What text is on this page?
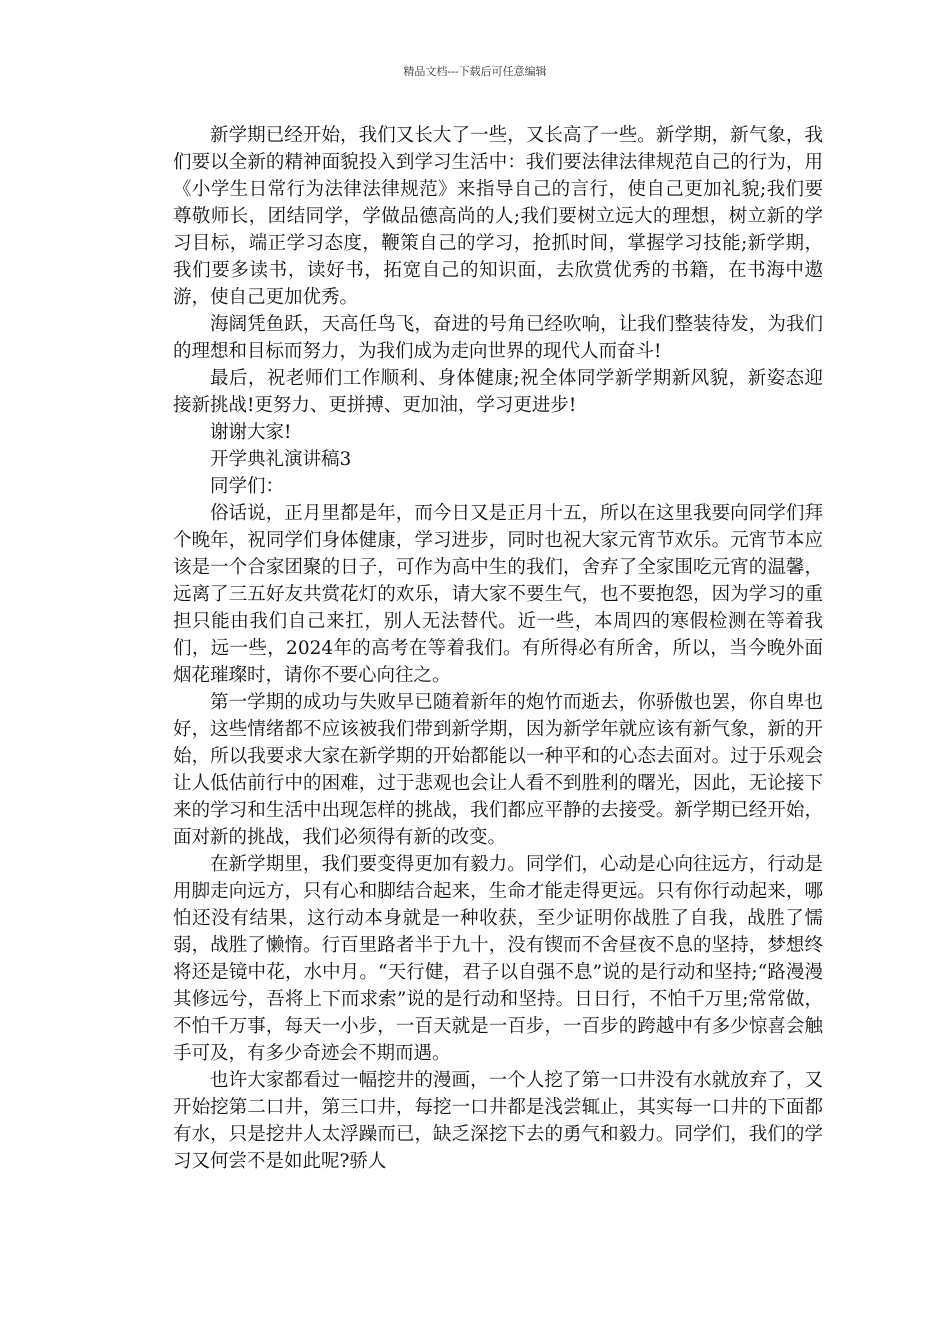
精品文档---下载后可任意编辑

新学期已经开始，我们又长大了一些，又长高了一些。新学期，新气象，我们要以全新的精神面貌投入到学习生活中：我们要法律法律规范自己的行为，用《小学生日常行为法律法律规范》来指导自己的言行，使自己更加礼貌;我们要尊敬师长，团结同学，学做品德高尚的人;我们要树立远大的理想，树立新的学习目标，端正学习态度，鞭策自己的学习，抢抓时间，掌握学习技能;新学期，我们要多读书，读好书，拓宽自己的知识面，去欣赏优秀的书籍，在书海中遨游，使自己更加优秀。

海阔凭鱼跃，天高任鸟飞，奋进的号角已经吹响，让我们整装待发，为我们的理想和目标而努力，为我们成为走向世界的现代人而奋斗!

最后，祝老师们工作顺利、身体健康;祝全体同学新学期新风貌，新姿态迎接新挑战!更努力、更拼搏、更加油，学习更进步!

谢谢大家!

开学典礼演讲稿3

同学们：

俗话说，正月里都是年，而今日又是正月十五，所以在这里我要向同学们拜个晚年，祝同学们身体健康，学习进步，同时也祝大家元宵节欢乐。元宵节本应该是一个合家团聚的日子，可作为高中生的我们，舍弃了全家围吃元宵的温馨，远离了三五好友共赏花灯的欢乐，请大家不要生气，也不要抱怨，因为学习的重担只能由我们自己来扛，别人无法替代。近一些，本周四的寒假检测在等着我们，远一些，2024年的高考在等着我们。有所得必有所舍，所以，当今晚外面烟花璀璨时，请你不要心向往之。

第一学期的成功与失败早已随着新年的炮竹而逝去，你骄傲也罢，你自卑也好，这些情绪都不应该被我们带到新学期，因为新学年就应该有新气象，新的开始，所以我要求大家在新学期的开始都能以一种平和的心态去面对。过于乐观会让人低估前行中的困难，过于悲观也会让人看不到胜利的曙光，因此，无论接下来的学习和生活中出现怎样的挑战，我们都应平静的去接受。新学期已经开始，面对新的挑战，我们必须得有新的改变。

在新学期里，我们要变得更加有毅力。同学们，心动是心向往远方，行动是用脚走向远方，只有心和脚结合起来，生命才能走得更远。只有你行动起来，哪怕还没有结果，这行动本身就是一种收获，至少证明你战胜了自我，战胜了懦弱，战胜了懒惰。行百里路者半于九十，没有锲而不舍昼夜不息的坚持，梦想终将还是镜中花，水中月。“天行健，君子以自强不息”说的是行动和坚持;“路漫漫其修远兮，吾将上下而求索”说的是行动和坚持。日日行，不怕千万里;常常做，不怕千万事，每天一小步，一百天就是一百步，一百步的跨越中有多少惊喜会触手可及，有多少奇迹会不期而遇。

也许大家都看过一幅挖井的漫画，一个人挖了第一口井没有水就放弃了，又开始挖第二口井，第三口井，每挖一口井都是浅尝辄止，其实每一口井的下面都有水，只是挖井人太浮躁而已，缺乏深挖下去的勇气和毅力。同学们，我们的学习又何尝不是如此呢?骄人
